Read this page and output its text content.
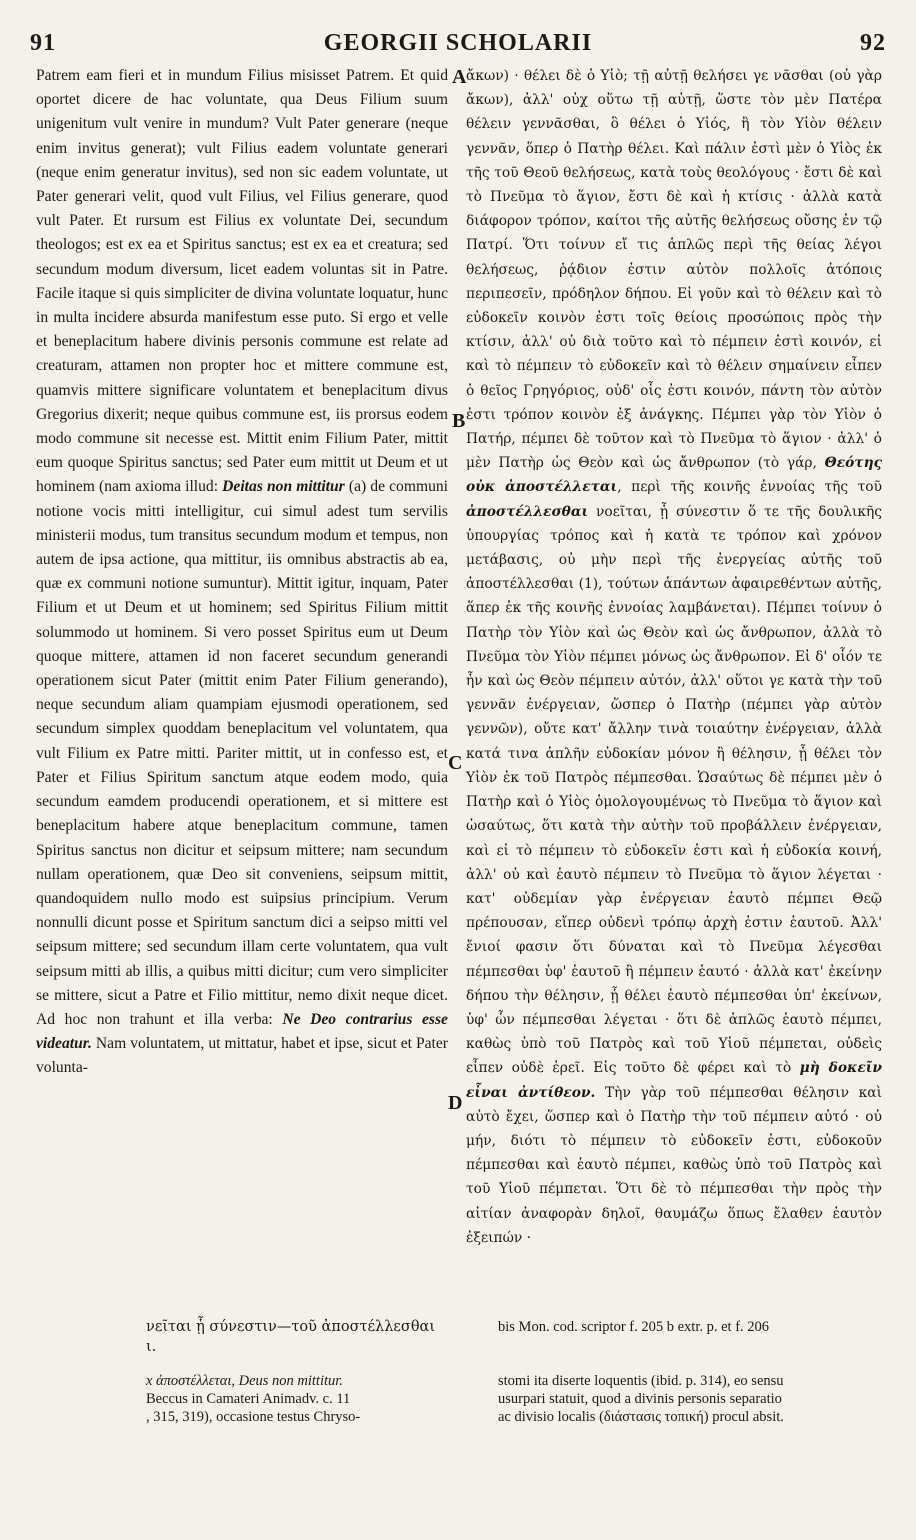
91	GEORGII SCHOLARII	92
A
B
C
D

Patrem eam fieri et in mundum Filius misisset Patrem. Et quid oportet dicere de hac voluntate, qua Deus Filium suum unigenitum vult venire in mundum? Vult Pater generare (neque enim invitus generat); vult Filius eadem voluntate generari (neque enim generatur invitus), sed non sic eadem voluntate, ut Pater generari velit, quod vult Filius, vel Filius generare, quod vult Pater. Et rursum est Filius ex voluntate Dei, secundum theologos; est ex ea et Spiritus sanctus; est ex ea et creatura; sed secundum modum diversum, licet eadem voluntas sit in Patre. Facile itaque si quis simpliciter de divina voluntate loquatur, hunc in multa incidere absurda manifestum esse puto. Si ergo et velle et beneplacitum habere divinis personis commune est relate ad creaturam, attamen non propter hoc et mittere commune est, quamvis mittere significare voluntatem et beneplacitum divus Gregorius dixerit; neque quibus commune est, iis prorsus eodem modo commune sit necesse est. Mittit enim Filium Pater, mittit eum quoque Spiritus sanctus; sed Pater eum mittit ut Deum et ut hominem (nam axioma illud: Deitas non mittitur (a) de communi notione vocis mitti intelligitur, cui simul adest tum servilis ministerii modus, tum transitus secundum modum et tempus, non autem de ipsa actione, qua mittitur, iis omnibus abstractis ab ea, quæ ex communi notione sumuntur). Mittit igitur, inquam, Pater Filium et ut Deum et ut hominem; sed Spiritus Filium mittit solummodo ut hominem. Si vero posset Spiritus eum ut Deum quoque mittere, attamen id non faceret secundum generandi operationem sicut Pater (mittit enim Pater Filium generando), neque secundum aliam quampiam ejusmodi operationem, sed secundum simplex quoddam beneplacitum vel voluntatem, qua vult Filium ex Patre mitti. Pariter mittit, ut in confesso est, et Pater et Filius Spiritum sanctum atque eodem modo, quia secundum eamdem producendi operationem, et si mittere est beneplacitum habere atque beneplacitum commune, tamen Spiritus sanctus non dicitur et seipsum mittere; nam secundum nullam operationem, quæ Deo sit conveniens, seipsum mittit, quandoquidem nullo modo est suipsius principium. Verum nonnulli dicunt posse et Spiritum sanctum dici a seipso mitti vel seipsum mittere; sed secundum illam certe voluntatem, qua vult seipsum mitti ab illis, a quibus mitti dicitur; cum vero simpliciter se mittere, sicut a Patre et Filio mittitur, nemo dixit neque dicet. Ad hoc non trahunt et illa verba: Ne Deo contrarius esse videatur. Nam voluntatem, ut mittatur, habet et ipse, sicut et Pater volunta-

ἄκων) · θέλει δὲ ὁ Υἱὸ; τῇ αὐτῇ θελήσει γε νᾶσθαι (οὐ γὰρ ἄκων), ἀλλ' οὐχ οὕτω τῇ αὐτῇ, ὥστε τὸν μὲν Πατέρα θέλειν γεννᾶσθαι, ὃ θέλει ὁ Υἱός, ἢ τὸν Υἱὸν θέλειν γεννᾶν, ὅπερ ὁ Πατὴρ θέλει. Καὶ πάλιν ἐστὶ μὲν ὁ Υἱὸς ἐκ τῆς τοῦ Θεοῦ θελήσεως, κατὰ τοὺς θεολόγους · ἔστι δὲ καὶ τὸ Πνεῦμα τὸ ἅγιον, ἔστι δὲ καὶ ἡ κτίσις · ἀλλὰ κατὰ διάφορον τρόπον, καίτοι τῆς αὐτῆς θελήσεως οὔσης ἐν τῷ Πατρί. Ὅτι τοίνυν εἴ τις ἁπλῶς περὶ τῆς θείας λέγοι θελήσεως, ῥᾴδιον ἐστιν αὐτὸν πολλοῖς ἀτόποις περιπεσεῖν, πρόδηλον δήπου. Εἰ γοῦν καὶ τὸ θέλειν καὶ τὸ εὐδοκεῖν κοινὸν ἐστι τοῖς θείοις προσώποις πρὸς τὴν κτίσιν, ἀλλ' οὐ διὰ τοῦτο καὶ τὸ πέμπειν ἐστὶ κοινόν, εἰ καὶ τὸ πέμπειν τὸ εὐδοκεῖν καὶ τὸ θέλειν σημαίνειν εἶπεν ὁ θεῖος Γρηγόριος, οὐδ' οἷς ἐστι κοινόν, πάντη τὸν αὐτὸν ἐστι τρόπον κοινὸν ἐξ ἀνάγκης. Πέμπει γὰρ τὸν Υἱὸν ὁ Πατήρ, πέμπει δὲ τοῦτον καὶ τὸ Πνεῦμα τὸ ἅγιον · ἀλλ' ὁ μὲν Πατὴρ ὡς Θεὸν καὶ ὡς ἄνθρωπον (τὸ γάρ, Θεότης οὐκ ἀποστέλλεται, περὶ τῆς κοινῆς ἐννοίας τῆς τοῦ ἀποστέλλεσθαι νοεῖται, ᾗ σύνεστιν ὅ τε τῆς δουλικῆς ὑπουργίας τρόπος καὶ ἡ κατὰ τε τρόπον καὶ χρόνον μετάβασις, οὐ μὴν περὶ τῆς ἐνεργείας αὐτῆς τοῦ ἀποστέλλεσθαι (1), τούτων ἁπάντων ἀφαιρεθέντων αὐτῆς, ἅπερ ἐκ τῆς κοινῆς ἐννοίας λαμβάνεται). Πέμπει τοίνυν ὁ Πατὴρ τὸν Υἱὸν καὶ ὡς Θεὸν καὶ ὡς ἄνθρωπον, ἀλλὰ τὸ Πνεῦμα τὸν Υἱὸν πέμπει μόνως ὡς ἄνθρωπον. Εἰ δ' οἷόν τε ἦν καὶ ὡς Θεὸν πέμπειν αὐτόν, ἀλλ' οὕτοι γε κατὰ τὴν τοῦ γεννᾶν ἐνέργειαν, ὥσπερ ὁ Πατὴρ (πέμπει γὰρ αὐτὸν γεννῶν), οὔτε κατ' ἄλλην τινὰ τοιαύτην ἐνέργειαν, ἀλλὰ κατά τινα ἁπλῆν εὐδοκίαν μόνον ἢ θέλησιν, ᾗ θέλει τὸν Υἱὸν ἐκ τοῦ Πατρὸς πέμπεσθαι. Ὡσαύτως δὲ πέμπει μὲν ὁ Πατὴρ καὶ ὁ Υἱὸς ὁμολογουμένως τὸ Πνεῦμα τὸ ἅγιον καὶ ὡσαύτως, ὅτι κατὰ τὴν αὐτὴν τοῦ προβάλλειν ἐνέργειαν, καὶ εἰ τὸ πέμπειν τὸ εὐδοκεῖν ἐστι καὶ ἡ εὐδοκία κοινή, ἀλλ' οὐ καὶ ἑαυτὸ πέμπειν τὸ Πνεῦμα τὸ ἅγιον λέγεται · κατ' οὐδεμίαν γὰρ ἐνέργειαν ἑαυτὸ πέμπει Θεῷ πρέπουσαν, εἴπερ οὐδενὶ τρόπῳ ἀρχὴ ἐστιν ἑαυτοῦ. Ἀλλ' ἔνιοί φασιν ὅτι δύναται καὶ τὸ Πνεῦμα λέγεσθαι πέμπεσθαι ὑφ' ἑαυτοῦ ἢ πέμπειν ἑαυτό · ἀλλὰ κατ' ἐκείνην δήπου τὴν θέλησιν, ᾗ θέλει ἑαυτὸ πέμπεσθαι ὑπ' ἐκείνων, ὑφ' ὧν πέμπεσθαι λέγεται · ὅτι δὲ ἁπλῶς ἑαυτὸ πέμπει, καθὼς ὑπὸ τοῦ Πατρὸς καὶ τοῦ Υἱοῦ πέμπεται, οὐδεὶς εἶπεν οὐδὲ ἐρεῖ. Εἰς τοῦτο δὲ φέρει καὶ τὸ μὴ δοκεῖν εἶναι ἀντίθεον. Τὴν γὰρ τοῦ πέμπεσθαι θέλησιν καὶ αὐτὸ ἔχει, ὥσπερ καὶ ὁ Πατὴρ τὴν τοῦ πέμπειν αὐτό · οὐ μήν, διότι τὸ πέμπειν τὸ εὐδοκεῖν ἐστι, εὐδοκοῦν πέμπεσθαι καὶ ἑαυτὸ πέμπει, καθὼς ὑπὸ τοῦ Πατρὸς καὶ τοῦ Υἱοῦ πέμπεται. Ὅτι δὲ τὸ πέμπεσθαι τὴν πρὸς τὴν αἰτίαν ἀναφορὰν δηλοῖ, θαυμάζω ὅπως ἔλαθεν ἑαυτὸν ἐξειπών ·

νεῖται ᾗ σύνεστιν—τοῦ ἀποστέλλεσθαι	bis Mon. cod. scriptor f. 205 b extr. p. et f. 206
ι.
x ἀποστέλλεται, Deus non mittitur.	stomi ita diserte loquentis (ibid. p. 314), eo sensu
Beccus in Camateri Animadv. c. 11	usurpari statuit, quod a divinis personis separatio
, 315, 319), occasione testus Chryso-	ac divisio localis (διάστασις τοπική) procul absit.
